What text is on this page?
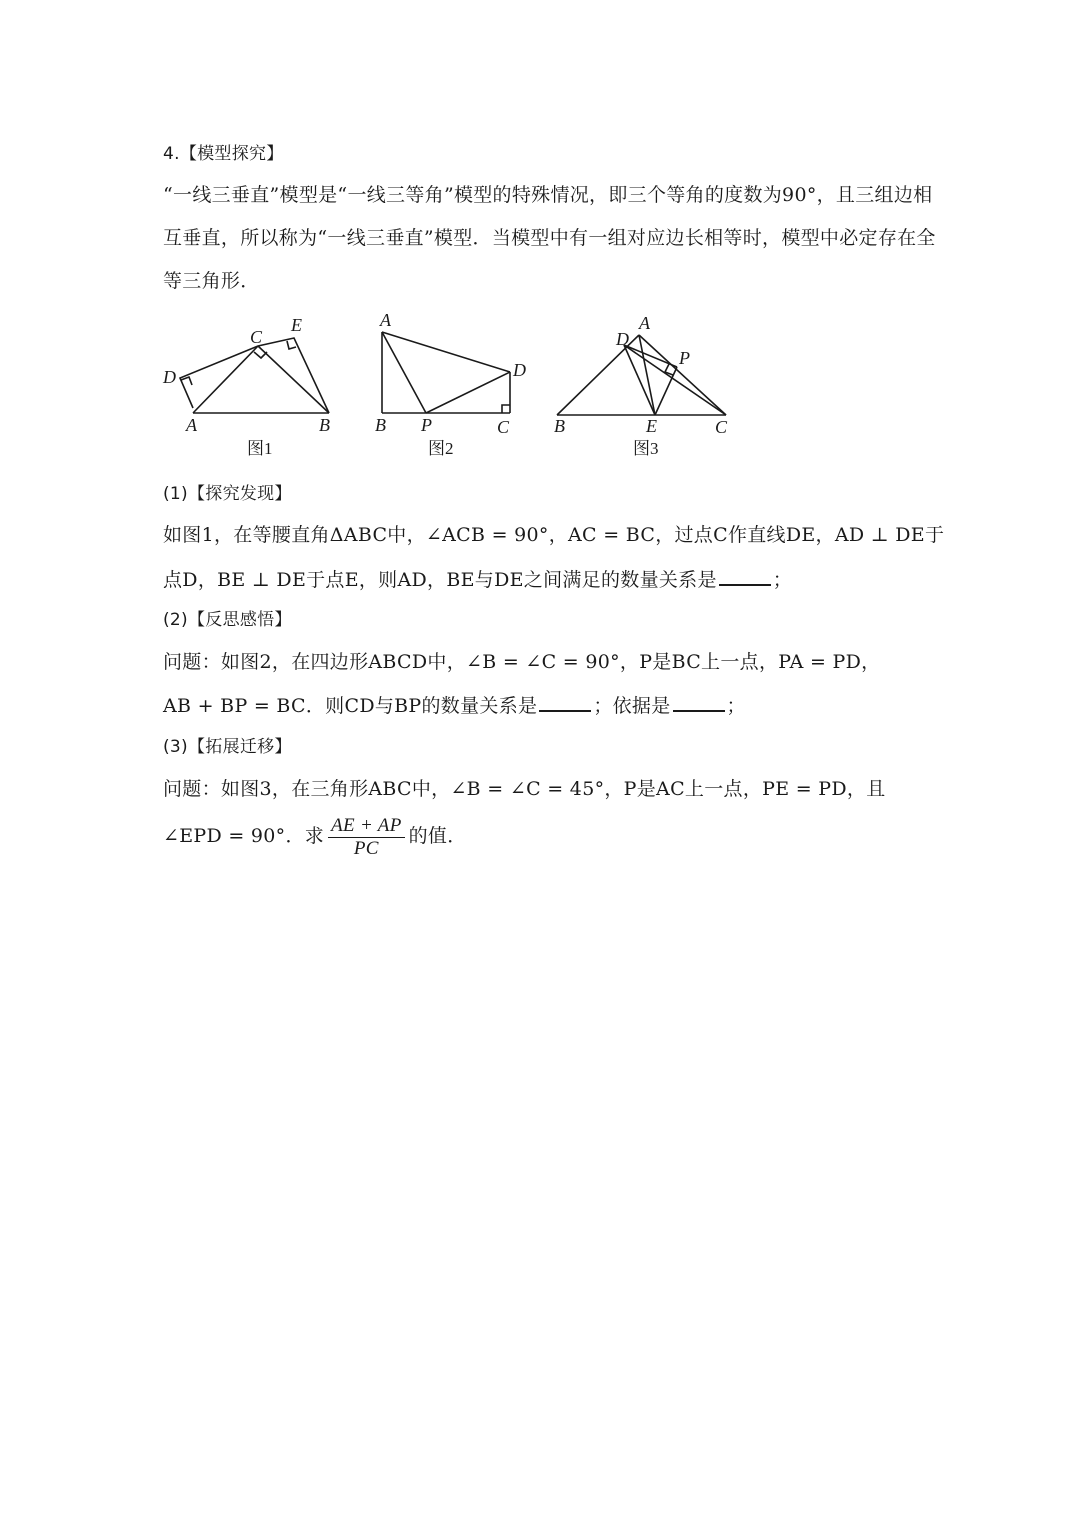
4.【模型探究】
“一线三垂直”模型是“一线三等角”模型的特殊情况，即三个等角的度数为90°，且三组边相
互垂直，所以称为“一线三垂直”模型．当模型中有一组对应边长相等时，模型中必定存在全
等三角形．
D
A	B
C
E
图1
A
B P	C
D
图2
A
D
P
B	E	C
图3
(1)【探究发现】
如图1，在等腰直角ΔABC中，∠ACB = 90°，AC = BC，过点C作直线DE，AD ⊥ DE于
点D，BE ⊥ DE于点E，则AD，BE与DE之间满足的数量关系是	；
(2)【反思感悟】
问题：如图2，在四边形ABCD中，∠B = ∠C = 90°，P是BC上一点，PA = PD，
AB + BP = BC．则CD与BP的数量关系是	；依据是	；
(3)【拓展迁移】
问题：如图3，在三角形ABC中，∠B = ∠C = 45°，P是AC上一点，PE = PD，且
∠EPD = 90°．求 $\frac{AE + AP}{PC}$ 的值．
